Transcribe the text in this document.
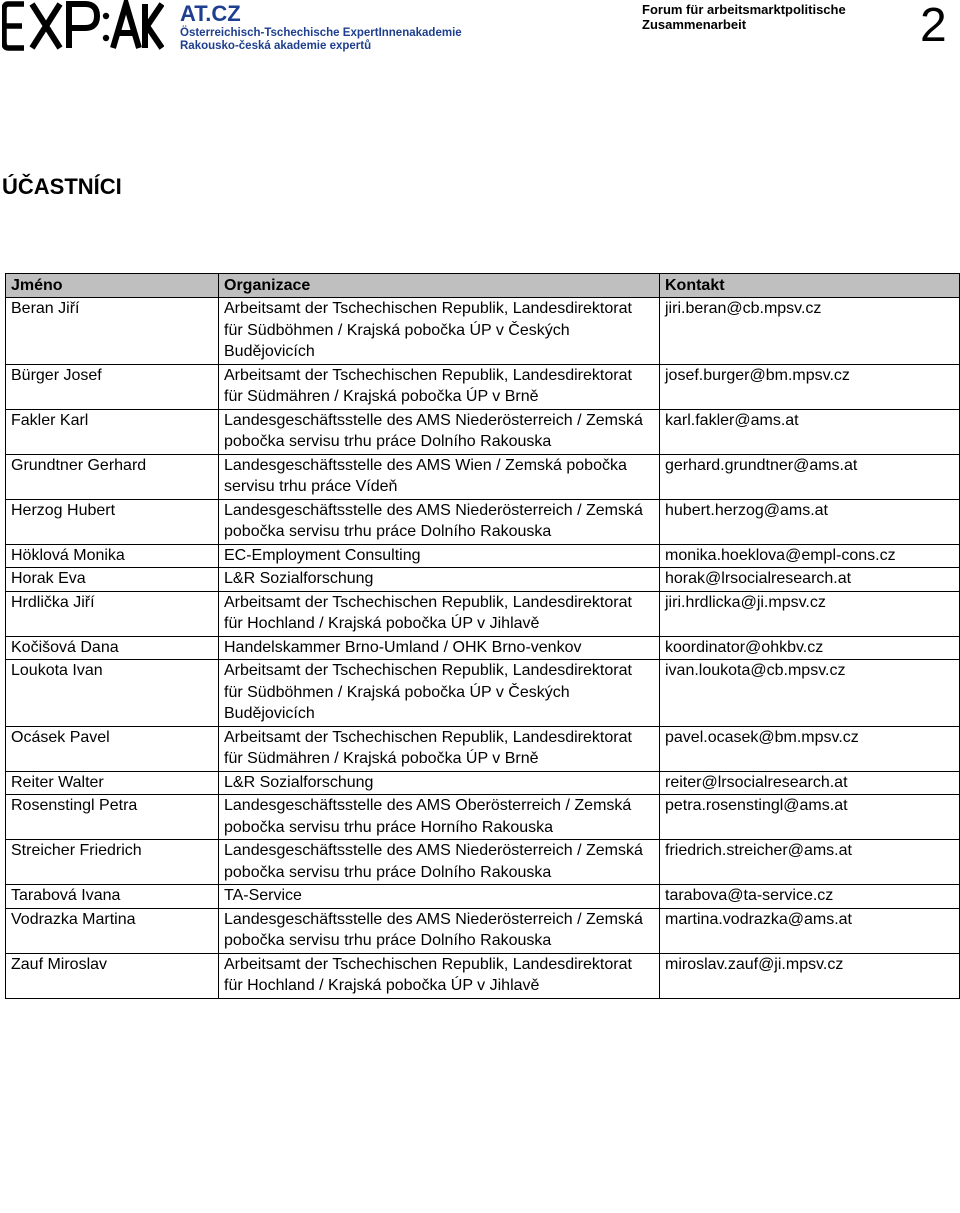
AT.CZ
Österreichisch-Tschechische ExpertInnenakademie
Rakousko-česká akademie expertů
Forum für arbeitsmarktpolitische Zusammenarbeit	2
ÚČASTNÍCI
Jméno	Organizace	Kontakt
Beran Jiří	Arbeitsamt der Tschechischen Republik, Landesdirektorat für Südböhmen / Krajská pobočka ÚP v Českých Budějovicích	jiri.beran@cb.mpsv.cz
Bürger Josef	Arbeitsamt der Tschechischen Republik, Landesdirektorat für Südmähren / Krajská pobočka ÚP v Brně	josef.burger@bm.mpsv.cz
Fakler Karl	Landesgeschäftsstelle des AMS Niederösterreich / Zemská pobočka servisu trhu práce Dolního Rakouska	karl.fakler@ams.at
Grundtner Gerhard	Landesgeschäftsstelle des AMS Wien / Zemská pobočka servisu trhu práce Vídeň	gerhard.grundtner@ams.at
Herzog Hubert	Landesgeschäftsstelle des AMS Niederösterreich / Zemská pobočka servisu trhu práce Dolního Rakouska	hubert.herzog@ams.at
Höklová Monika	EC-Employment Consulting	monika.hoeklova@empl-cons.cz
Horak Eva	L&R Sozialforschung	horak@lrsocialresearch.at
Hrdlička Jiří	Arbeitsamt der Tschechischen Republik, Landesdirektorat für Hochland / Krajská pobočka ÚP v Jihlavě	jiri.hrdlicka@ji.mpsv.cz
Kočišová Dana	Handelskammer Brno-Umland / OHK Brno-venkov	koordinator@ohkbv.cz
Loukota Ivan	Arbeitsamt der Tschechischen Republik, Landesdirektorat für Südböhmen / Krajská pobočka ÚP v Českých Budějovicích	ivan.loukota@cb.mpsv.cz
Ocásek Pavel	Arbeitsamt der Tschechischen Republik, Landesdirektorat für Südmähren / Krajská pobočka ÚP v Brně	pavel.ocasek@bm.mpsv.cz
Reiter Walter	L&R Sozialforschung	reiter@lrsocialresearch.at
Rosenstingl Petra	Landesgeschäftsstelle des AMS Oberösterreich / Zemská pobočka servisu trhu práce Horního Rakouska	petra.rosenstingl@ams.at
Streicher Friedrich	Landesgeschäftsstelle des AMS Niederösterreich / Zemská pobočka servisu trhu práce Dolního Rakouska	friedrich.streicher@ams.at
Tarabová Ivana	TA-Service	tarabova@ta-service.cz
Vodrazka Martina	Landesgeschäftsstelle des AMS Niederösterreich / Zemská pobočka servisu trhu práce Dolního Rakouska	martina.vodrazka@ams.at
Zauf Miroslav	Arbeitsamt der Tschechischen Republik, Landesdirektorat für Hochland / Krajská pobočka ÚP v Jihlavě	miroslav.zauf@ji.mpsv.cz
